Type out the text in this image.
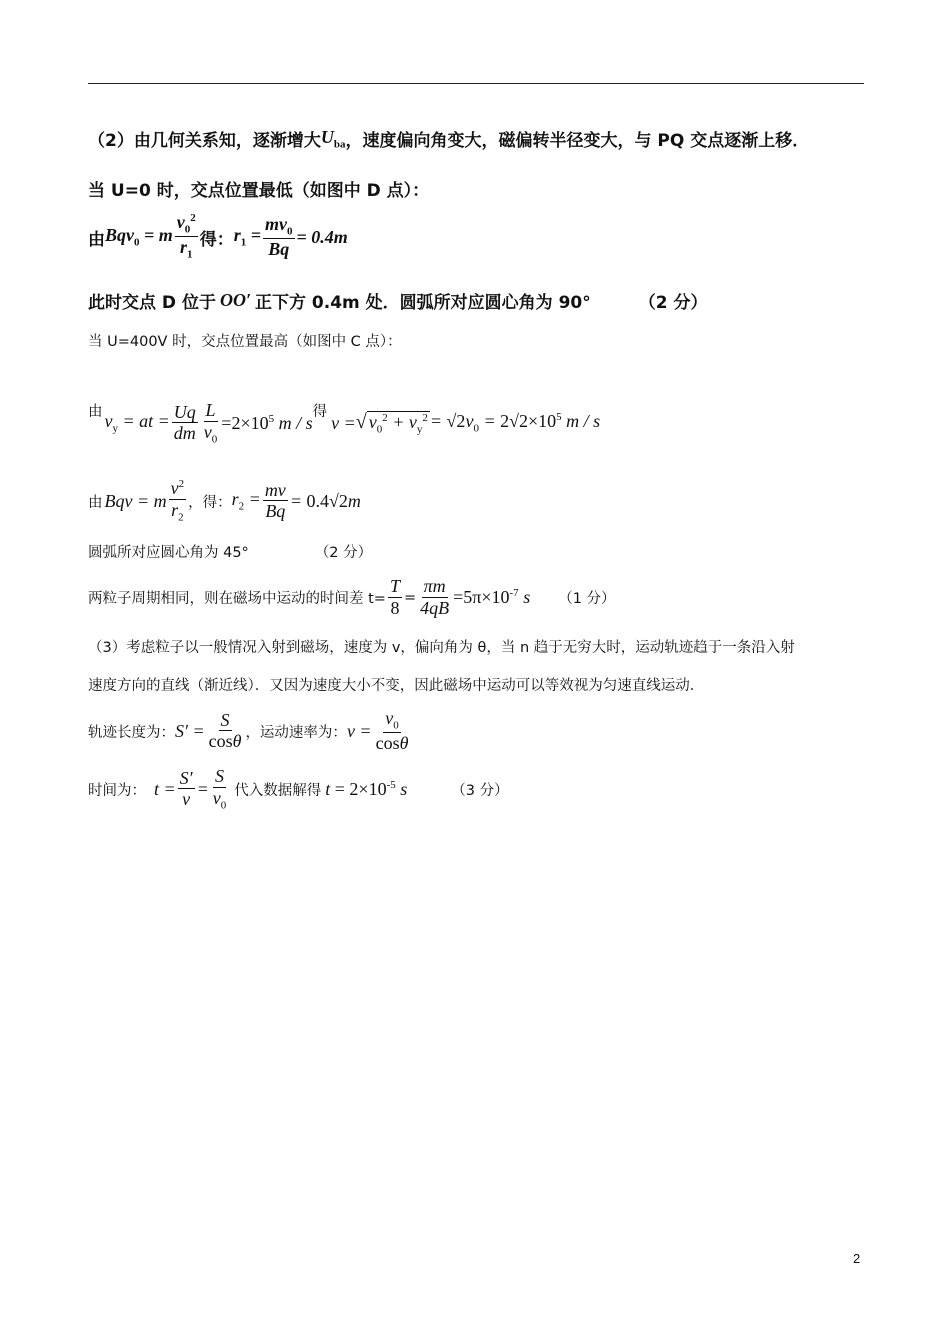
（2）由几何关系知，逐渐增大 $U_{ba}$ ，速度偏向角变大，磁偏转半径变大，与 PQ 交点逐渐上移．
当 U=0 时，交点位置最低（如图中 D 点）：
由 Bqv$_0$ = m $\frac{v_0^2}{r_1}$ 得： $r_1 = \frac{mv_0}{Bq} = 0.4m$
此时交点 D 位于 OO′ 正下方 0.4m 处．圆弧所对应圆心角为 90°	（2 分）
当 U=400V 时，交点位置最高（如图中 C 点）：
由 $v_y$ = at = $\frac{Uq}{dm} \frac{L}{v_0} =2\times 10^5$ m / s
得
v = √ $v_0^2 + v_y^2 = √2v_0 = 2√2\times 10^5$ m / s
由 Bqv = m $\frac{v^2}{r_2}$ ，得： $r_2 = \frac{mv}{Bq} = 0.4√2m$
圆弧所对应圆心角为 45°	（2 分）
两粒子周期相同，则在磁场中运动的时间差 $t= \frac{T}{8} = \frac{\pi m}{4qB} =5\pi\times 10^{-7}$ s （1 分）
（3）考虑粒子以一般情况入射到磁场，速度为 v，偏向角为 θ，当 n 趋于无穷大时，运动轨迹趋于一条沿入射
速度方向的直线（渐近线）．又因为速度大小不变，因此磁场中运动可以等效视为匀速直线运动．
轨迹长度为： $S' = \frac{S}{\cos\theta}$ ，运动速率为： $v = \frac{v_0}{\cos\theta}$
时间为： $t = \frac{S'}{v} = \frac{S}{v_0}$ 代入数据解得 $t = 2\times 10^{-5}$ s	（3 分）
2
